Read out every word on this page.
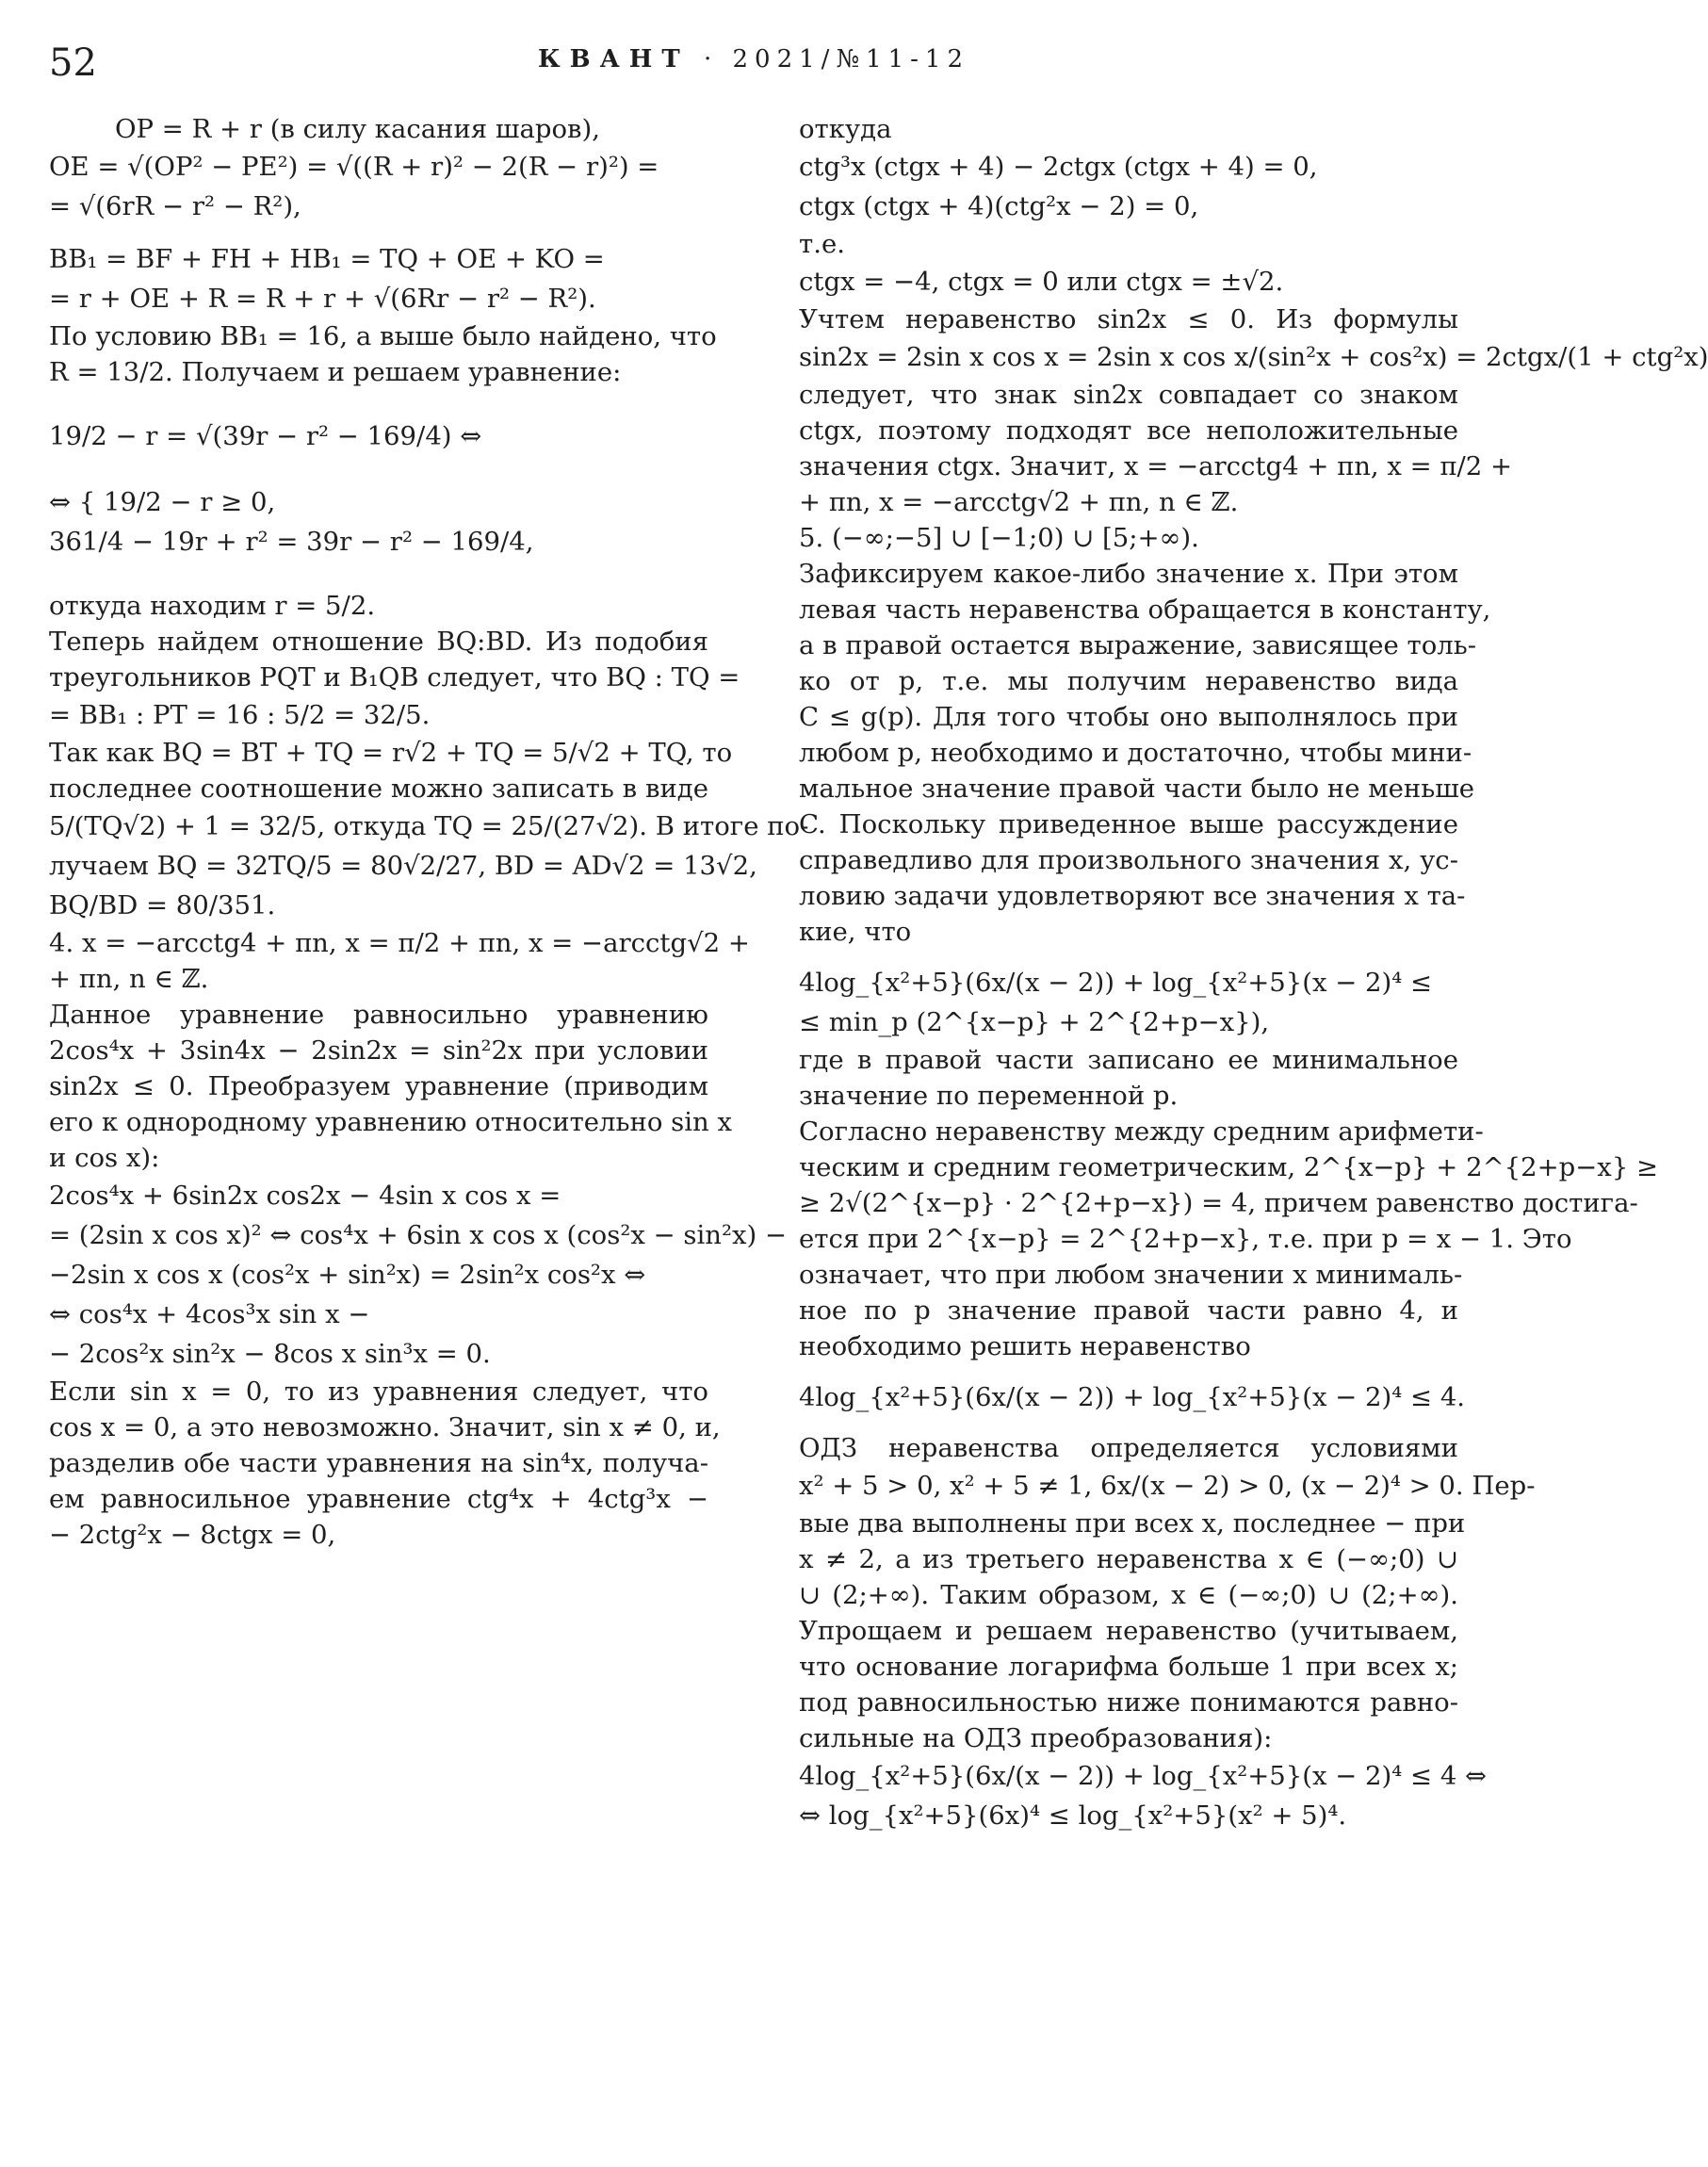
52	КВАНТ · 2021/№11-12
OP = R + r (в силу касания шаров),
OE = √(OP² − PE²) = √((R + r)² − 2(R − r)²) =
= √(6rR − r² − R²),
BB₁ = BF + FH + HB₁ = TQ + OE + KO =
= r + OE + R = R + r + √(6Rr − r² − R²).
По условию BB₁ = 16, а выше было найдено, что
R = 13/2. Получаем и решаем уравнение:
19/2 − r = √(39r − r² − 169/4) ⇔
⇔ { 19/2 − r ≥ 0,
361/4 − 19r + r² = 39r − r² − 169/4,
откуда находим r = 5/2.
Теперь найдем отношение BQ:BD. Из подобия
треугольников PQT и B₁QB следует, что BQ : TQ =
= BB₁ : PT = 16 : 5/2 = 32/5.
Так как BQ = BT + TQ = r√2 + TQ = 5/√2 + TQ, то
последнее соотношение можно записать в виде
5/(TQ√2) + 1 = 32/5, откуда TQ = 25/(27√2). В итоге по-
лучаем BQ = 32TQ/5 = 80√2/27, BD = AD√2 = 13√2,
BQ/BD = 80/351.
4. x = −arcctg4 + πn, x = π/2 + πn, x = −arcctg√2 +
+ πn, n ∈ ℤ.
Данное уравнение равносильно уравнению
2cos⁴x + 3sin4x − 2sin2x = sin²2x при условии
sin2x ≤ 0. Преобразуем уравнение (приводим
его к однородному уравнению относительно sin x
и cos x):
2cos⁴x + 6sin2x cos2x − 4sin x cos x =
= (2sin x cos x)² ⇔ cos⁴x + 6sin x cos x (cos²x − sin²x) −
−2sin x cos x (cos²x + sin²x) = 2sin²x cos²x ⇔
⇔ cos⁴x + 4cos³x sin x −
− 2cos²x sin²x − 8cos x sin³x = 0.
Если sin x = 0, то из уравнения следует, что
cos x = 0, а это невозможно. Значит, sin x ≠ 0, и,
разделив обе части уравнения на sin⁴x, получа-
ем равносильное уравнение ctg⁴x + 4ctg³x −
− 2ctg²x − 8ctgx = 0,
откуда
ctg³x (ctgx + 4) − 2ctgx (ctgx + 4) = 0,
ctgx (ctgx + 4)(ctg²x − 2) = 0,
т.е.
ctgx = −4, ctgx = 0 или ctgx = ±√2.
Учтем неравенство sin2x ≤ 0. Из формулы
sin2x = 2sin x cos x = 2sin x cos x/(sin²x + cos²x) = 2ctgx/(1 + ctg²x)
следует, что знак sin2x совпадает со знаком
ctgx, поэтому подходят все неположительные
значения ctgx. Значит, x = −arcctg4 + πn, x = π/2 +
+ πn, x = −arcctg√2 + πn, n ∈ ℤ.
5. (−∞;−5] ∪ [−1;0) ∪ [5;+∞).
Зафиксируем какое-либо значение x. При этом
левая часть неравенства обращается в константу,
а в правой остается выражение, зависящее толь-
ко от p, т.е. мы получим неравенство вида
C ≤ g(p). Для того чтобы оно выполнялось при
любом p, необходимо и достаточно, чтобы мини-
мальное значение правой части было не меньше
C. Поскольку приведенное выше рассуждение
справедливо для произвольного значения x, ус-
ловию задачи удовлетворяют все значения x та-
кие, что
4log_{x²+5}(6x/(x − 2)) + log_{x²+5}(x − 2)⁴ ≤
≤ min_p (2^{x−p} + 2^{2+p−x}),
где в правой части записано ее минимальное
значение по переменной p.
Согласно неравенству между средним арифмети-
ческим и средним геометрическим, 2^{x−p} + 2^{2+p−x} ≥
≥ 2√(2^{x−p} · 2^{2+p−x}) = 4, причем равенство достига-
ется при 2^{x−p} = 2^{2+p−x}, т.е. при p = x − 1. Это
означает, что при любом значении x минималь-
ное по p значение правой части равно 4, и
необходимо решить неравенство
4log_{x²+5}(6x/(x − 2)) + log_{x²+5}(x − 2)⁴ ≤ 4.
ОДЗ неравенства определяется условиями
x² + 5 > 0, x² + 5 ≠ 1, 6x/(x − 2) > 0, (x − 2)⁴ > 0. Пер-
вые два выполнены при всех x, последнее − при
x ≠ 2, а из третьего неравенства x ∈ (−∞;0) ∪
∪ (2;+∞). Таким образом, x ∈ (−∞;0) ∪ (2;+∞).
Упрощаем и решаем неравенство (учитываем,
что основание логарифма больше 1 при всех x;
под равносильностью ниже понимаются равно-
сильные на ОДЗ преобразования):
4log_{x²+5}(6x/(x − 2)) + log_{x²+5}(x − 2)⁴ ≤ 4 ⇔
⇔ log_{x²+5}(6x)⁴ ≤ log_{x²+5}(x² + 5)⁴.
